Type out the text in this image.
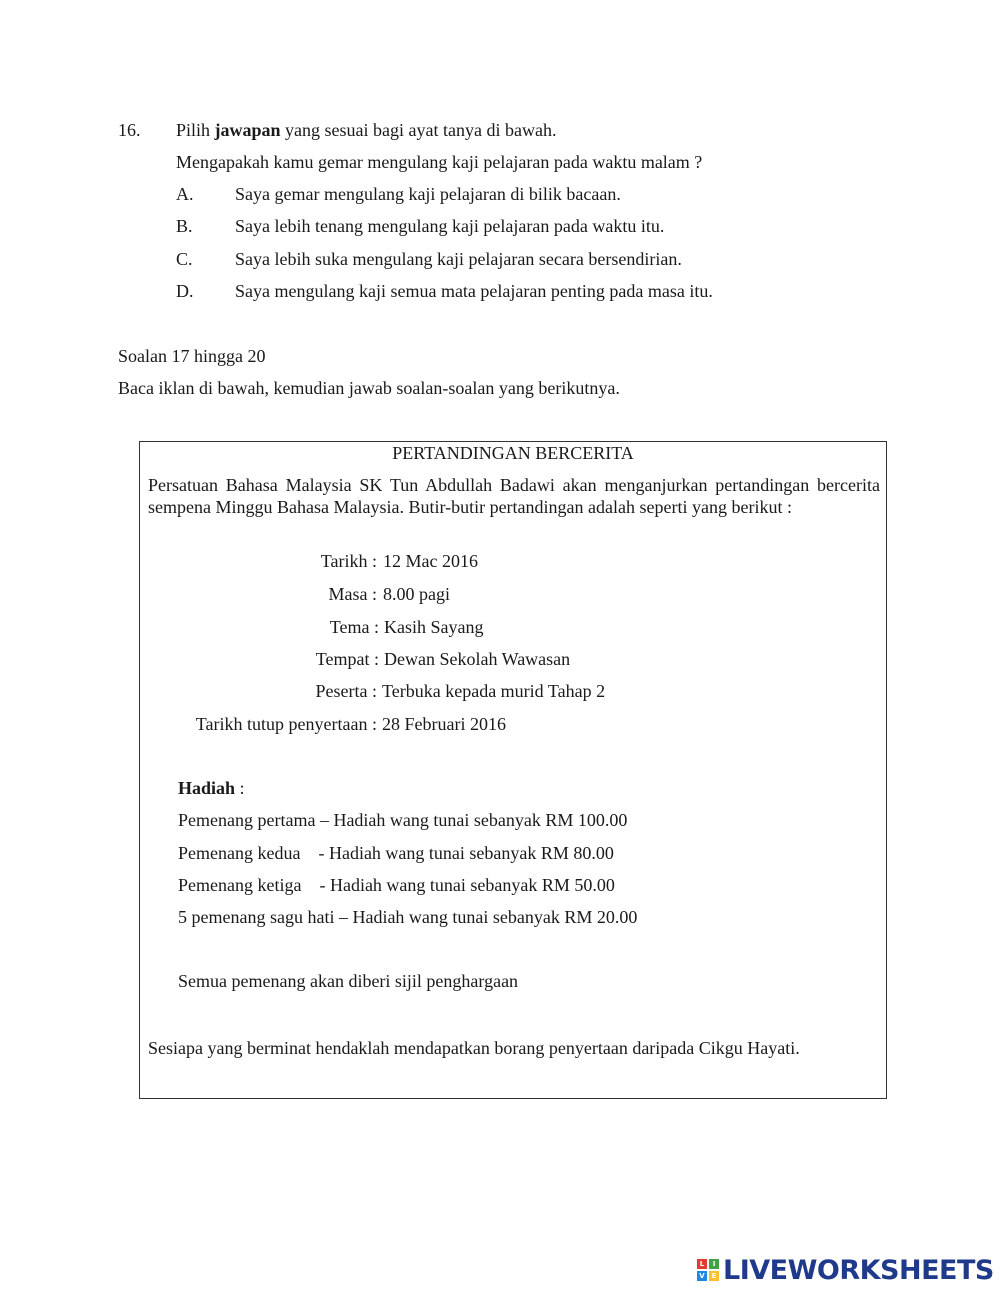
16. Pilih jawapan yang sesuai bagi ayat tanya di bawah.
Mengapakah kamu gemar mengulang kaji pelajaran pada waktu malam ?
A. Saya gemar mengulang kaji pelajaran di bilik bacaan.
B. Saya lebih tenang mengulang kaji pelajaran pada waktu itu.
C. Saya lebih suka mengulang kaji pelajaran secara bersendirian.
D. Saya mengulang kaji semua mata pelajaran penting pada masa itu.
Soalan 17 hingga 20
Baca iklan di bawah, kemudian jawab soalan-soalan yang berikutnya.
PERTANDINGAN BERCERITA
Persatuan Bahasa Malaysia SK Tun Abdullah Badawi akan menganjurkan pertandingan bercerita sempena Minggu Bahasa Malaysia. Butir-butir pertandingan adalah seperti yang berikut :
Tarikh : 12 Mac 2016
Masa : 8.00 pagi
Tema : Kasih Sayang
Tempat : Dewan Sekolah Wawasan
Peserta : Terbuka kepada murid Tahap 2
Tarikh tutup penyertaan : 28 Februari 2016
Hadiah :
Pemenang pertama – Hadiah wang tunai sebanyak RM 100.00
Pemenang kedua    - Hadiah wang tunai sebanyak RM 80.00
Pemenang ketiga    - Hadiah wang tunai sebanyak RM 50.00
5 pemenang sagu hati – Hadiah wang tunai sebanyak RM 20.00
Semua pemenang akan diberi sijil penghargaan
Sesiapa yang berminat hendaklah mendapatkan borang penyertaan daripada Cikgu Hayati.
L	I
V E LIVEWORKSHEETS
